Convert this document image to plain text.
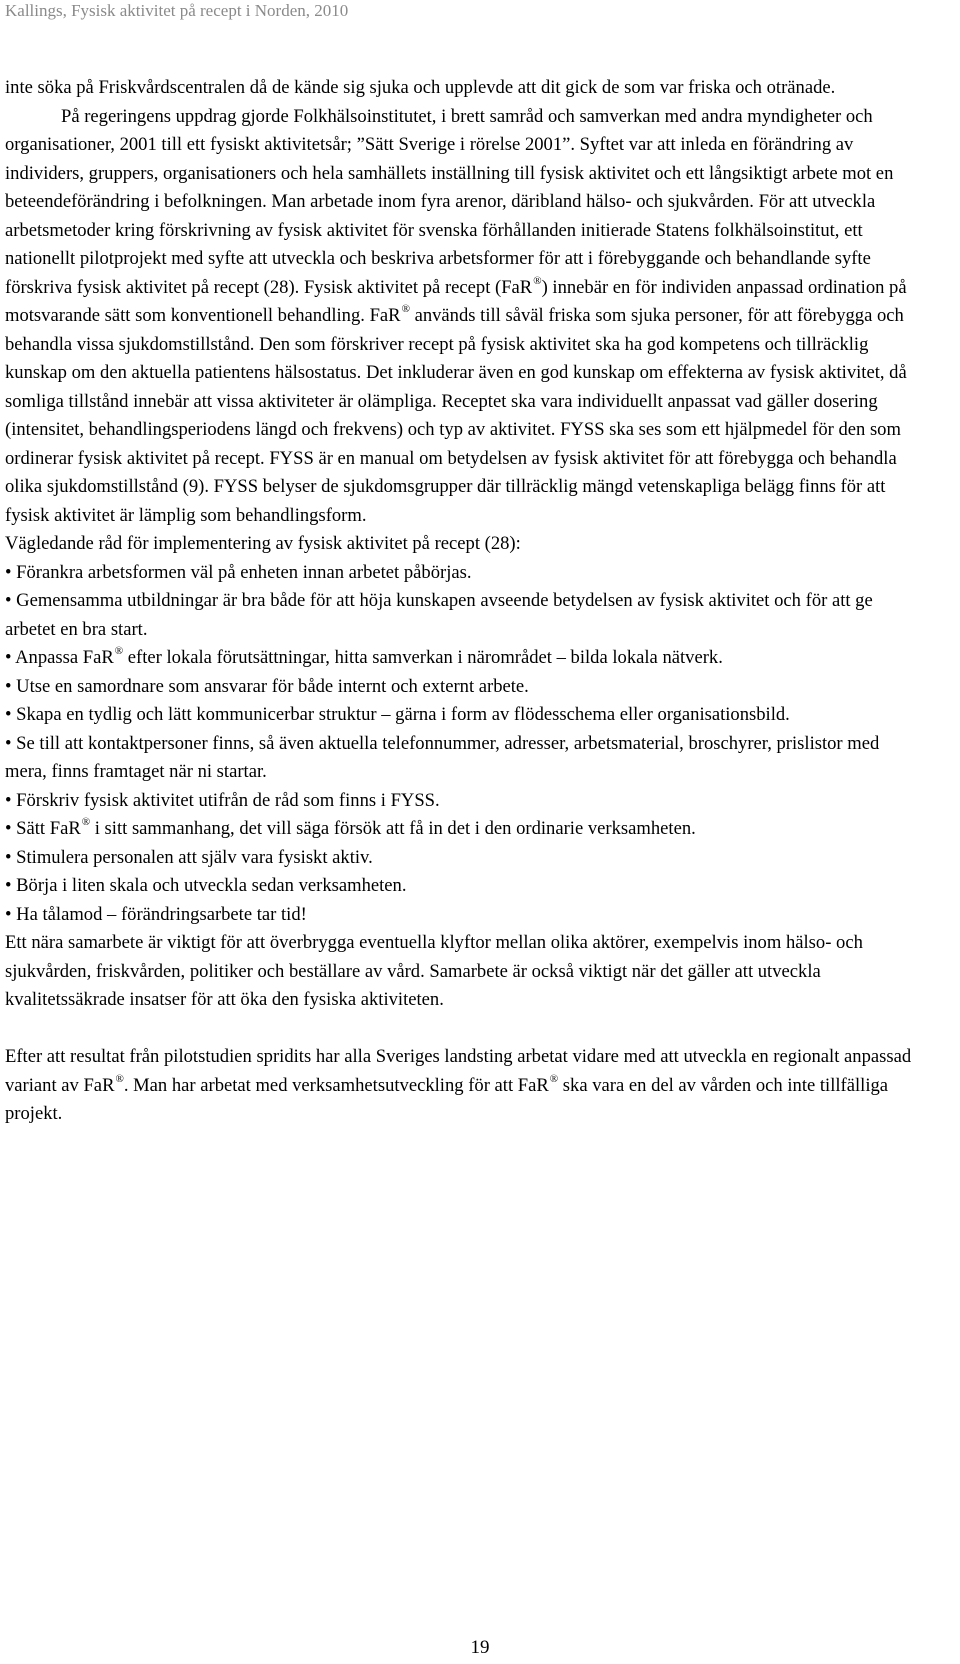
Kallings, Fysisk aktivitet på recept i Norden, 2010

inte söka på Friskvårdscentralen då de kände sig sjuka och upplevde att dit gick de som var friska och otränade.

På regeringens uppdrag gjorde Folkhälsoinstitutet, i brett samråd och samverkan med andra myndigheter och organisationer, 2001 till ett fysiskt aktivitetsår; ”Sätt Sverige i rörelse 2001”. Syftet var att inleda en förändring av individers, gruppers, organisationers och hela samhällets inställning till fysisk aktivitet och ett långsiktigt arbete mot en beteendeförändring i befolkningen. Man arbetade inom fyra arenor, däribland hälso- och sjukvården. För att utveckla arbetsmetoder kring förskrivning av fysisk aktivitet för svenska förhållanden initierade Statens folkhälsoinstitut, ett nationellt pilotprojekt med syfte att utveckla och beskriva arbetsformer för att i förebyggande och behandlande syfte förskriva fysisk aktivitet på recept (28). Fysisk aktivitet på recept (FaR®) innebär en för individen anpassad ordination på motsvarande sätt som konventionell behandling. FaR® används till såväl friska som sjuka personer, för att förebygga och behandla vissa sjukdomstillstånd. Den som förskriver recept på fysisk aktivitet ska ha god kompetens och tillräcklig kunskap om den aktuella patientens hälsostatus. Det inkluderar även en god kunskap om effekterna av fysisk aktivitet, då somliga tillstånd innebär att vissa aktiviteter är olämpliga. Receptet ska vara individuellt anpassat vad gäller dosering (intensitet, behandlingsperiodens längd och frekvens) och typ av aktivitet. FYSS ska ses som ett hjälpmedel för den som ordinerar fysisk aktivitet på recept. FYSS är en manual om betydelsen av fysisk aktivitet för att förebygga och behandla olika sjukdomstillstånd (9). FYSS belyser de sjukdomsgrupper där tillräcklig mängd vetenskapliga belägg finns för att fysisk aktivitet är lämplig som behandlingsform.

Vägledande råd för implementering av fysisk aktivitet på recept (28):

• Förankra arbetsformen väl på enheten innan arbetet påbörjas.
• Gemensamma utbildningar är bra både för att höja kunskapen avseende betydelsen av fysisk aktivitet och för att ge arbetet en bra start.
• Anpassa FaR® efter lokala förutsättningar, hitta samverkan i närområdet – bilda lokala nätverk.
• Utse en samordnare som ansvarar för både internt och externt arbete.
• Skapa en tydlig och lätt kommunicerbar struktur – gärna i form av flödesschema eller organisationsbild.
• Se till att kontaktpersoner finns, så även aktuella telefonnummer, adresser, arbetsmaterial, broschyrer, prislistor med mera, finns framtaget när ni startar.
• Förskriv fysisk aktivitet utifrån de råd som finns i FYSS.
• Sätt FaR® i sitt sammanhang, det vill säga försök att få in det i den ordinarie verksamheten.
• Stimulera personalen att själv vara fysiskt aktiv.
• Börja i liten skala och utveckla sedan verksamheten.
• Ha tålamod – förändringsarbete tar tid!

Ett nära samarbete är viktigt för att överbrygga eventuella klyftor mellan olika aktörer, exempelvis inom hälso- och sjukvården, friskvården, politiker och beställare av vård. Samarbete är också viktigt när det gäller att utveckla kvalitetssäkrade insatser för att öka den fysiska aktiviteten.

Efter att resultat från pilotstudien spridits har alla Sveriges landsting arbetat vidare med att utveckla en regionalt anpassad variant av FaR®. Man har arbetat med verksamhetsutveckling för att FaR® ska vara en del av vården och inte tillfälliga projekt.

19
